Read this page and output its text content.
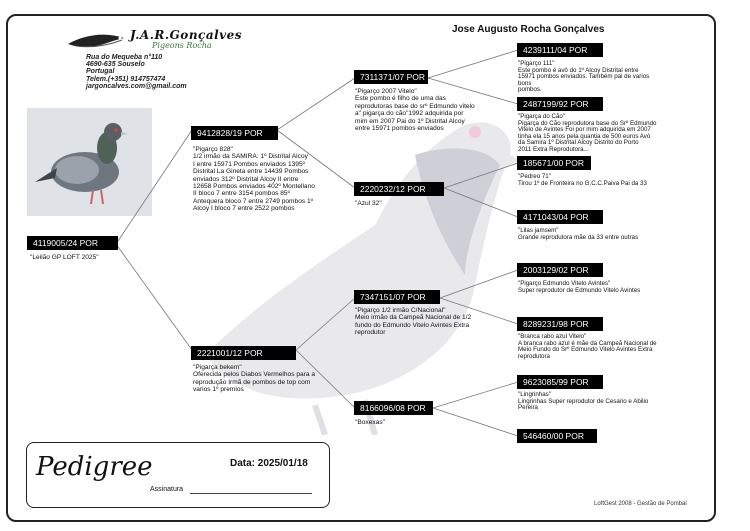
Jose Augusto Rocha Gonçalves
J.A.R.Gonçalves
Pigeons Rocha
Rua do Mequeba n°110
4690-635 Souselo
Portugal
Telem.(+351) 914757474
jargoncalves.com@gmail.com
4119005/24 POR
"Leilão GP LOFT 2025"
9412828/19 POR
"Pigarço 828"
1/2 irmão da SAMIRA: 1º Distrital Alcoy
I entre 15971 Pombos enviados 1395º
Distrital La Gineta entre 14439 Pombos
enviados 312º Distrital Alcoy II entre
12658 Pombos enviados 402º Montellano
II bloco 7 entre 3154 pombos 85º
Antequera bloco 7 entre 2749 pombos 1º
Alcoy I bloco 7 entre 2522 pombos
2221001/12 POR
"Pigarça bekem"
Oferecida pelos Diabos Vermelhos para a
reprodução Irmã de pombos de top com
varios 1º premios
7311371/07 POR
"Pigarço 2007 Vitelo"
Este pombo é filho de uma das
reprodutoras base do srº Edmundo vitelo
a" pigarça do cão"1992 adquirida por
mim em 2007 Pai do 1º Distrital Alcoy
entre 15971 pombos enviados
2220232/12 POR
"Azul 32"
7347151/07 POR
"Pigarço 1/2 irmão C/Nacional"
Meio irmão da Campeã Nacional de 1/2
fundo do Edmundo Vitelo Avintes Extra
reprodutor
8166096/08 POR
"Boxexas"
4239111/04 POR
"Pigarço 111"
Este pombo é avô do 1º Alcoy Distrital entre
15971 pombos enviados. Também pai de varios bons
pombos.
2487199/92 POR
"Pigarça do Cão"
Pigarça do Cão reprodutora base do Srº Edmundo
Vitelo de Avintes Foi por mim adquirida em 2007
tinha ela 15 anos pela quantia de 500 euros Avó
da Samira 1º Distrital Alcoy Distrito do Porto
2011 Extra Reprodutora...
185671/00 POR
"Pedreo 71"
Tirou 1º de Fronteira no G.C.C.Paiva Pai da 33
4171043/04 POR
"Lilas jamsem"
Grande reprodutora mãe da 33 entre outras
2003129/02 POR
"Pigarço Edmundo Vitelo Avintes"
Super reprodutor de Edmundo Vitelo Avintes
8289231/98 POR
"Branca rabo azul Vitelo"
A branca rabo azul é mãe da Campeã Nacional de
Meio Fundo do Srº Edmundo Vitelo Avintes Extra
reprodutora
9623085/99 POR
"Lingrinhas"
Lingrinhas Super reprodutor de Cesario e Abilio
Pereira
546460/00 POR
Pedigree	Data: 2025/01/18
Assinatura
LoftGest 2008 - Gestão de Pombal
